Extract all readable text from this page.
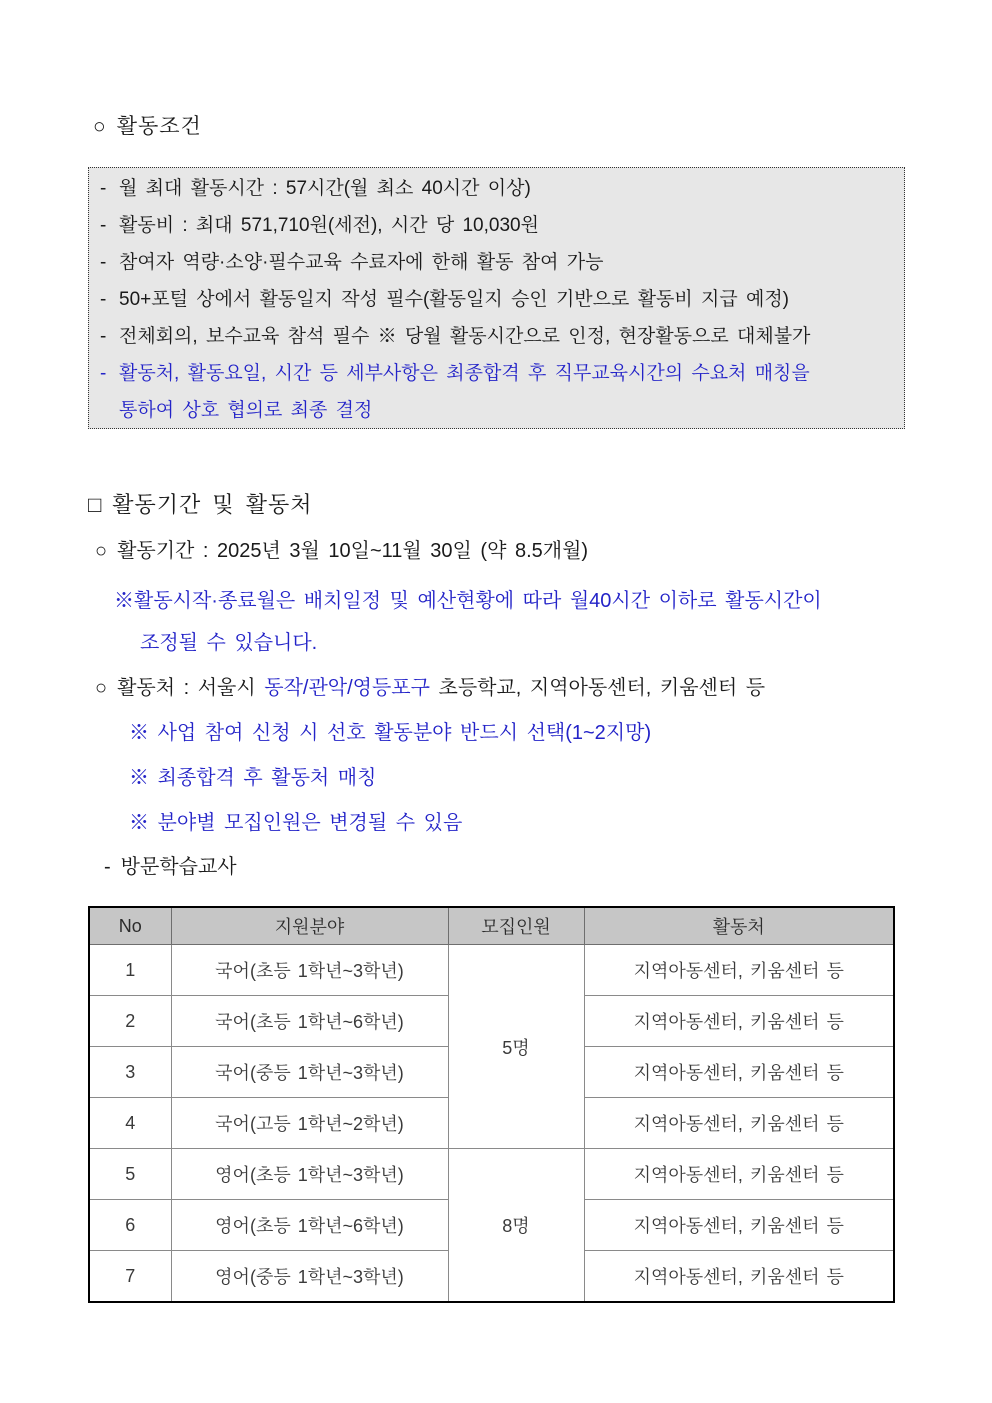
○ 활동조건
- 월 최대 활동시간 : 57시간(월 최소 40시간 이상)
- 활동비 : 최대 571,710원(세전), 시간 당 10,030원
- 참여자 역량·소양·필수교육 수료자에 한해 활동 참여 가능
- 50+포털 상에서 활동일지 작성 필수(활동일지 승인 기반으로 활동비 지급 예정)
- 전체회의, 보수교육 참석 필수 ※ 당월 활동시간으로 인정, 현장활동으로 대체불가
- 활동처, 활동요일, 시간 등 세부사항은 최종합격 후 직무교육시간의 수요처 매칭을
통하여 상호 협의로 최종 결정
□ 활동기간 및 활동처
○ 활동기간 : 2025년 3월 10일~11월 30일 (약 8.5개월)
※활동시작·종료월은 배치일정 및 예산현황에 따라 월40시간 이하로 활동시간이
조정될 수 있습니다.
○ 활동처 : 서울시 동작/관악/영등포구 초등학교, 지역아동센터, 키움센터 등
※ 사업 참여 신청 시 선호 활동분야 반드시 선택(1~2지망)
※ 최종합격 후 활동처 매칭
※ 분야별 모집인원은 변경될 수 있음
- 방문학습교사
No	지원분야	모집인원	활동처
1	국어(초등 1학년~3학년)	5명	지역아동센터, 키움센터 등
2	국어(초등 1학년~6학년)		지역아동센터, 키움센터 등
3	국어(중등 1학년~3학년)		지역아동센터, 키움센터 등
4	국어(고등 1학년~2학년)		지역아동센터, 키움센터 등
5	영어(초등 1학년~3학년)	8명	지역아동센터, 키움센터 등
6	영어(초등 1학년~6학년)		지역아동센터, 키움센터 등
7	영어(중등 1학년~3학년)		지역아동센터, 키움센터 등
